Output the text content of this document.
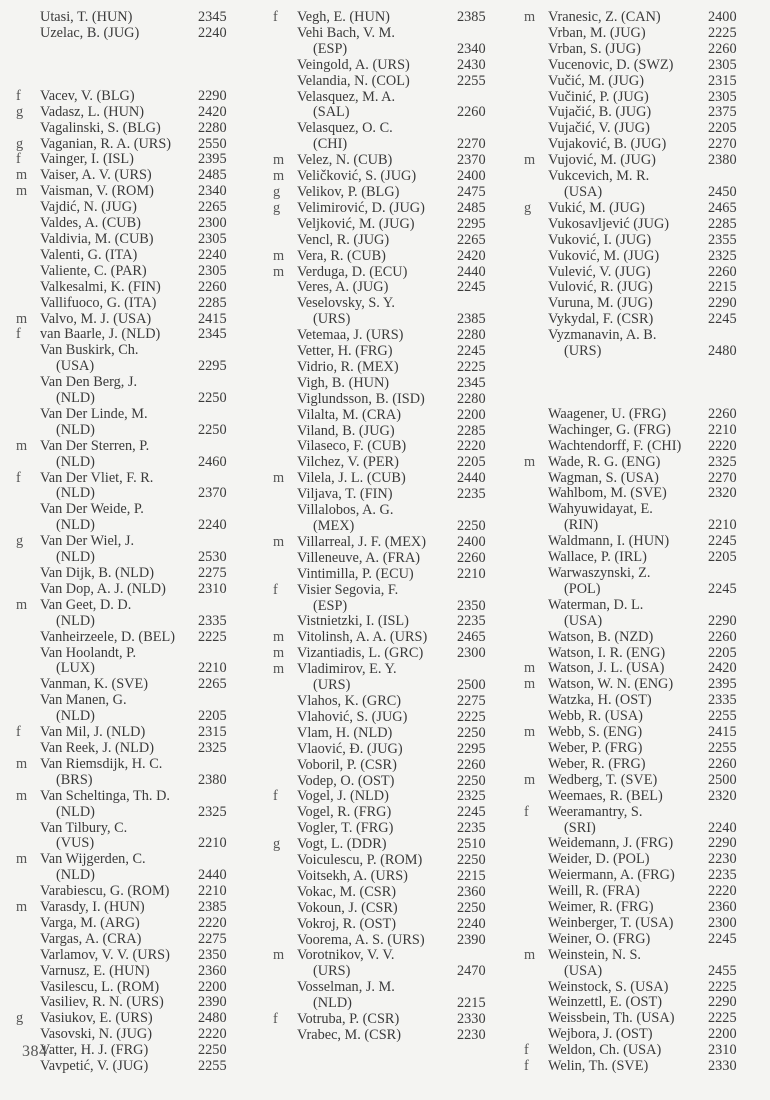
Utasi, T. (HUN)	2345
Uzelac, B. (JUG)	2240
f	Vacev, V. (BLG)	2290
g	Vadasz, L. (HUN)	2420
Vagalinski, S. (BLG)	2280
g	Vaganian, R. A. (URS)	2550
f	Vainger, I. (ISL)	2395
m Vaiser, A. V. (URS)	2485
m Vaisman, V. (ROM)	2340
Vajdić, N. (JUG)	2265
Valdes, A. (CUB)	2300
Valdivia, M. (CUB)	2305
Valenti, G. (ITA)	2240
Valiente, C. (PAR)	2305
Valkesalmi, K. (FIN)	2260
Vallifuoco, G. (ITA)	2285
m Valvo, M. J. (USA)	2415
f	van Baarle, J. (NLD)	2345
Van Buskirk, Ch.
(USA)	2295
Van Den Berg, J.
(NLD)	2250
Van Der Linde, M.
(NLD)	2250
m Van Der Sterren, P.
(NLD)	2460
f	Van Der Vliet, F. R.
(NLD)	2370
Van Der Weide, P.
(NLD)	2240
g	Van Der Wiel, J.
(NLD)	2530
Van Dijk, B. (NLD)	2275
Van Dop, A. J. (NLD)	2310
m Van Geet, D. D.
(NLD)	2335
Vanheirzeele, D. (BEL)	2225
Van Hoolandt, P.
(LUX)	2210
Vanman, K. (SVE)	2265
Van Manen, G.
(NLD)	2205
f	Van Mil, J. (NLD)	2315
Van Reek, J. (NLD)	2325
m Van Riemsdijk, H. C.
(BRS)	2380
m Van Scheltinga, Th. D.
(NLD)	2325
Van Tilbury, C.
(VUS)	2210
m Van Wijgerden, C.
(NLD)	2440
Varabiescu, G. (ROM)	2210
m Varasdy, I. (HUN)	2385
Varga, M. (ARG)	2220
Vargas, A. (CRA)	2275
Varlamov, V. V. (URS)	2350
Varnusz, E. (HUN)	2360
Vasilescu, L. (ROM)	2200
Vasiliev, R. N. (URS)	2390
g	Vasiukov, E. (URS)	2480
Vasovski, N. (JUG)	2220
Vatter, H. J. (FRG)	2250
Vavpetić, V. (JUG)	2255
f	Vegh, E. (HUN)	2385
Vehi Bach, V. M.
(ESP)	2340
Veingold, A. (URS)	2430
Velandia, N. (COL)	2255
Velasquez, M. A.
(SAL)	2260
Velasquez, O. C.
(CHI)	2270
m Velez, N. (CUB)	2370
m Veličković, S. (JUG)	2400
g	Velikov, P. (BLG)	2475
g	Velimirović, D. (JUG)	2485
Veljković, M. (JUG)	2295
Vencl, R. (JUG)	2265
m Vera, R. (CUB)	2420
m Verduga, D. (ECU)	2440
Veres, A. (JUG)	2245
Veselovsky, S. Y.
(URS)	2385
Vetemaa, J. (URS)	2280
Vetter, H. (FRG)	2245
Vidrio, R. (MEX)	2225
Vigh, B. (HUN)	2345
Viglundsson, B. (ISD)	2280
Vilalta, M. (CRA)	2200
Viland, B. (JUG)	2285
Vilaseco, F. (CUB)	2220
Vilchez, V. (PER)	2205
m Vilela, J. L. (CUB)	2440
Viljava, T. (FIN)	2235
Villalobos, A. G.
(MEX)	2250
m Villarreal, J. F. (MEX)	2400
Villeneuve, A. (FRA)	2260
Vintimilla, P. (ECU)	2210
f	Visier Segovia, F.
(ESP)	2350
Vistnietzki, I. (ISL)	2235
m Vitolinsh, A. A. (URS)	2465
m Vizantiadis, L. (GRC)	2300
m Vladimirov, E. Y.
(URS)	2500
Vlahos, K. (GRC)	2275
Vlahović, S. (JUG)	2225
Vlam, H. (NLD)	2250
Vlaović, Đ. (JUG)	2295
Voboril, P. (CSR)	2260
Vodep, O. (OST)	2250
f	Vogel, J. (NLD)	2325
Vogel, R. (FRG)	2245
Vogler, T. (FRG)	2235
g	Vogt, L. (DDR)	2510
Voiculescu, P. (ROM)	2250
Voitsekh, A. (URS)	2215
Vokac, M. (CSR)	2360
Vokoun, J. (CSR)	2250
Vokroj, R. (OST)	2240
Voorema, A. S. (URS)	2390
m Vorotnikov, V. V.
(URS)	2470
Vosselman, J. M.
(NLD)	2215
f	Votruba, P. (CSR)	2330
Vrabec, M. (CSR)	2230
m Vranesic, Z. (CAN)	2400
Vrban, M. (JUG)	2225
Vrban, S. (JUG)	2260
Vucenovic, D. (SWZ)	2305
Vučić, M. (JUG)	2315
Vučinić, P. (JUG)	2305
Vujačić, B. (JUG)	2375
Vujačić, V. (JUG)	2205
Vujaković, B. (JUG)	2270
m Vujović, M. (JUG)	2380
Vukcevich, M. R.
(USA)	2450
g	Vukić, M. (JUG)	2465
Vukosavljević (JUG)	2285
Vuković, I. (JUG)	2355
Vuković, M. (JUG)	2325
Vulević, V. (JUG)	2260
Vulović, R. (JUG)	2215
Vuruna, M. (JUG)	2290
Vykydal, F. (CSR)	2245
Vyzmanavin, A. B.
(URS)	2480
Waagener, U. (FRG)	2260
Wachinger, G. (FRG)	2210
Wachtendorff, F. (CHI)	2220
m Wade, R. G. (ENG)	2325
Wagman, S. (USA)	2270
Wahlbom, M. (SVE)	2320
Wahyuwidayat, E.
(RIN)	2210
Waldmann, I. (HUN)	2245
Wallace, P. (IRL)	2205
Warwaszynski, Z.
(POL)	2245
Waterman, D. L.
(USA)	2290
Watson, B. (NZD)	2260
Watson, I. R. (ENG)	2205
m Watson, J. L. (USA)	2420
m Watson, W. N. (ENG)	2395
Watzka, H. (OST)	2335
Webb, R. (USA)	2255
m Webb, S. (ENG)	2415
Weber, P. (FRG)	2255
Weber, R. (FRG)	2260
m Wedberg, T. (SVE)	2500
Weemaes, R. (BEL)	2320
f	Weeramantry, S.
(SRI)	2240
Weidemann, J. (FRG)	2290
Weider, D. (POL)	2230
Weiermann, A. (FRG)	2235
Weill, R. (FRA)	2220
Weimer, R. (FRG)	2360
Weinberger, T. (USA)	2300
Weiner, O. (FRG)	2245
m Weinstein, N. S.
(USA)	2455
Weinstock, S. (USA)	2225
Weinzettl, E. (OST)	2290
Weissbein, Th. (USA)	2225
Wejbora, J. (OST)	2200
f	Weldon, Ch. (USA)	2310
f	Welin, Th. (SVE)	2330
384
